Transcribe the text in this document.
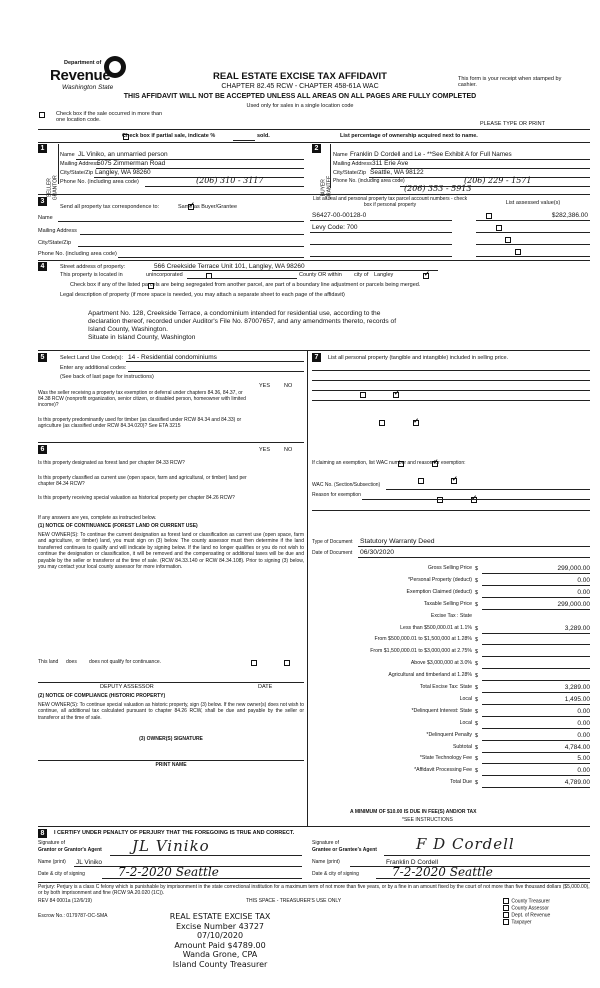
Department of
Revenue
Washington State
REAL ESTATE EXCISE TAX AFFIDAVIT
CHAPTER 82.45 RCW - CHAPTER 458-61A WAC
This form is your receipt when stamped by cashier.
THIS AFFIDAVIT WILL NOT BE ACCEPTED UNLESS ALL AREAS ON ALL PAGES ARE FULLY COMPLETED
Used only for sales in a single location code

Check box if the sale occurred in more than one location code.
PLEASE TYPE OR PRINT

Check box if partial sale, indicate %	sold.	List percentage of ownership acquired next to name.
1
SELLER GRANTOR
Name JL Viniko, an unmarried person
Mailing Address
5075 Zimmerman Road
City/State/Zip Langley, WA 98260
Phone No. (including area code)	(206) 310 - 3117
2
BUYER GRANTEE
Name Franklin D Cordell and Le - **See Exhibit A for Full Names
Mailing Address 311 Erie Ave
City/State/Zip Seattle, WA 98122
Phone No. (including area code)	(206) 229 - 1571
(206) 353 - 5913
3
Send all property tax correspondence to: ✓	Same as Buyer/Grantee
Name
Mailing Address
City/State/Zip
Phone No. (including area code)
List all real and personal property tax parcel account numbers - check box if personal property	List assessed value(s)
S6427-00-00128-0
	$282,386.00
Levy Code: 700

4	Street address of property:	566 Creekside Terrace Unit 101, Langley, WA 98260
This property is located in
	unincorporated	County OR within ✓ city of Langley

Check box if any of the listed parcels are being segregated from another parcel, are part of a boundary line adjustment or parcels being merged.
Legal description of property (if more space is needed, you may attach a separate sheet to each page of the affidavit)
Apartment No. 128, Creekside Terrace, a condominium intended for residential use, according to the
declaration thereof, recorded under Auditor's File No. 87007657, and any amendments thereto, records of
Island County, Washington.
Situate in Island County, Washington
5	Select Land Use Code(s): 14 - Residential condominiums
Enter any additional codes:
(See back of last page for instructions)
YES	NO
Was the seller receiving a property tax exemption or deferral under chapters 84.36, 84.37, or 84.38 RCW (nonprofit organization, senior citizen, or disabled person, homeowner with limited income)?
✓
Is this property predominantly used for timber (as classified under RCW 84.34 and 84.33) or agriculture (as classified under RCW 84.34.020)? See ETA 3215
✓
7	List all personal property (tangible and intangible) included in selling price.
6	YES	NO
Is this property designated as forest land per chapter 84.33 RCW?
✓
Is this property classified as current use (open space, farm and agricultural, or timber) land per chapter 84.34 RCW?
✓
Is this property receiving special valuation as historical property per chapter 84.26 RCW?
✓
If any answers are yes, complete as instructed below.
(1) NOTICE OF CONTINUANCE (FOREST LAND OR CURRENT USE)
NEW OWNER(S): To continue the current designation as forest land or classification as current use (open space, farm and agriculture, or timber) land, you must sign on (3) below. The county assessor must then determine if the land transferred continues to qualify and will indicate by signing below. If the land no longer qualifies or you do not wish to continue the designation or classification, it will be removed and the compensating or additional taxes will be due and payable by the seller or transferor at the time of sale. (RCW 84.33.140 or RCW 84.34.108). Prior to signing (3) below, you may contact your local county assessor for more information.
This land
does does not qualify for continuance.
DEPUTY ASSESSOR	DATE
(2) NOTICE OF COMPLIANCE (HISTORIC PROPERTY)
NEW OWNER(S): To continue special valuation as historic property, sign (3) below. If the new owner(s) does not wish to continue, all additional tax calculated pursuant to chapter 84.26 RCW, shall be due and payable by the seller or transferor at the time of sale.
(3) OWNER(S) SIGNATURE
PRINT NAME
If claiming an exemption, list WAC number and reason for exemption:
WAC No. (Section/Subsection)
Reason for exemption
Type of Document Statutory Warranty Deed
Date of Document 06/30/2020
Gross Selling Price $	299,000.00
*Personal Property (deduct) $	0.00
Exemption Claimed (deduct) $	0.00
Taxable Selling Price $	299,000.00
Excise Tax : State
Less than $500,000.01 at 1.1% $	3,289.00
From $500,000.01 to $1,500,000 at 1.28% $
From $1,500,000.01 to $3,000,000 at 2.75% $
Above $3,000,000 at 3.0% $
Agricultural and timberland at 1.28% $
Total Excise Tax: State $	3,289.00
Local $	1,495.00
*Delinquent Interest: State $	0.00
Local $	0.00
*Delinquent Penalty $	0.00
Subtotal $	4,784.00
*State Technology Fee $	5.00
*Affidavit Processing Fee $	0.00
Total Due $	4,789.00
A MINIMUM OF $10.00 IS DUE IN FEE(S) AND/OR TAX
*SEE INSTRUCTIONS
8	I CERTIFY UNDER PENALTY OF PERJURY THAT THE FOREGOING IS TRUE AND CORRECT.
Signature of
Grantor or Grantor's Agent JL Viniko
Name (print) JL Viniko
Date & city of signing	7-2-2020 Seattle
Signature of
Grantee or Grantee's Agent	F D Cordell
Name (print)	Franklin D Cordell
Date & city of signing	7-2-2020 Seattle
Perjury: Perjury is a class C felony which is punishable by imprisonment in the state correctional institution for a maximum term of not more than five years, or by a fine in an amount fixed by the court of not more than five thousand dollars ($5,000.00), or by both imprisonment and fine (RCW 9A.20.020 (1C)).
REV 84 0001a (12/6/19)	THIS SPACE - TREASURER'S USE ONLY
Escrow No.: 0179787-OC-SMA
County Treasurer
County Assessor
Dept. of Revenue
Taxpayer
REAL ESTATE EXCISE TAX
Excise Number 43727
07/10/2020
Amount Paid $4789.00
Wanda Grone, CPA
Island County Treasurer
